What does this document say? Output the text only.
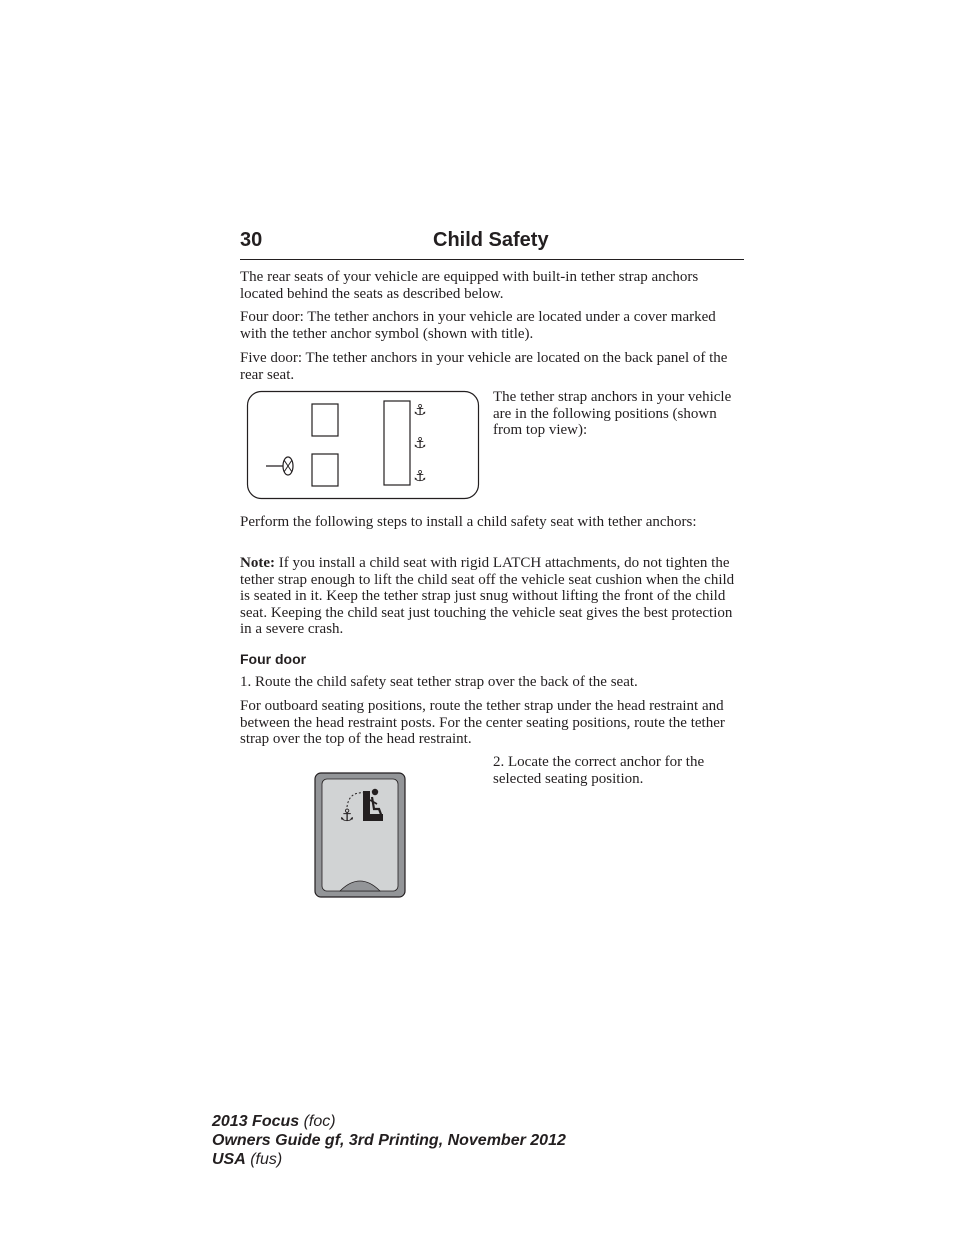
30	Child Safety

The rear seats of your vehicle are equipped with built-in tether strap anchors located behind the seats as described below.

Four door: The tether anchors in your vehicle are located under a cover marked with the tether anchor symbol (shown with title).

Five door: The tether anchors in your vehicle are located on the back panel of the rear seat.

⚓
⚓
⚓

The tether strap anchors in your vehicle are in the following positions (shown from top view):

Perform the following steps to install a child safety seat with tether anchors:

Note: If you install a child seat with rigid LATCH attachments, do not tighten the tether strap enough to lift the child seat off the vehicle seat cushion when the child is seated in it. Keep the tether strap just snug without lifting the front of the child seat. Keeping the child seat just touching the vehicle seat gives the best protection in a severe crash.

Four door

1. Route the child safety seat tether strap over the back of the seat.

For outboard seating positions, route the tether strap under the head restraint and between the head restraint posts. For the center seating positions, route the tether strap over the top of the head restraint.

2. Locate the correct anchor for the selected seating position.

⚓

2013 Focus (foc)
Owners Guide gf, 3rd Printing, November 2012
USA (fus)
